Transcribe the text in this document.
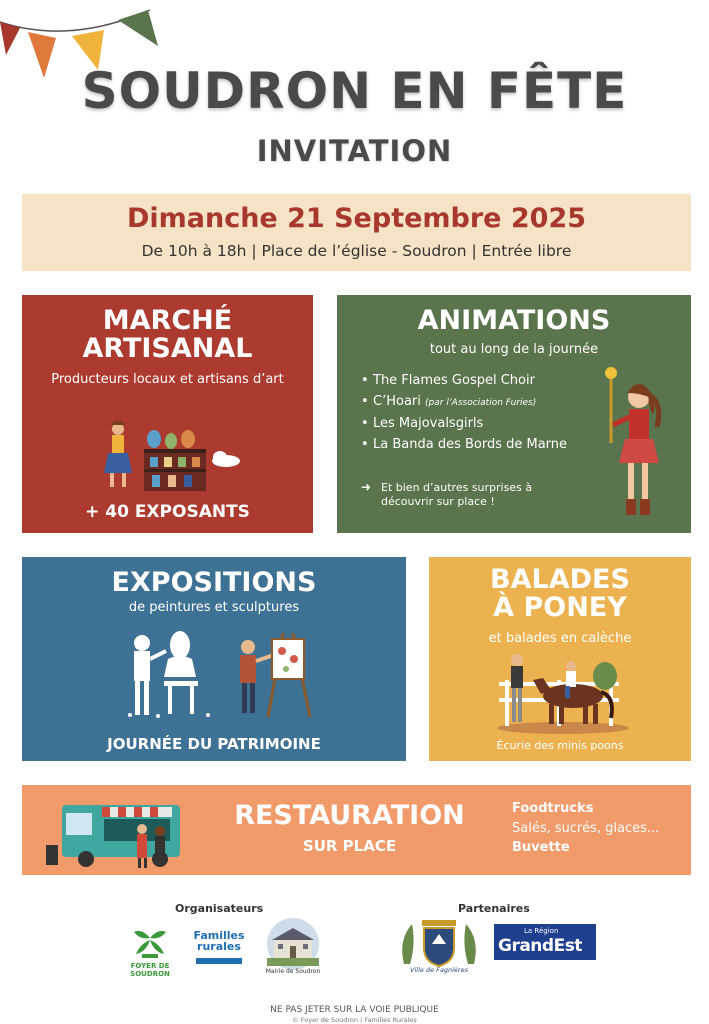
SOUDRON EN FÊTE
INVITATION
Dimanche 21 Septembre 2025
De 10h à 18h | Place de l’église - Soudron | Entrée libre
MARCHÉ
ARTISANAL
Producteurs locaux et artisans d’art
+ 40 EXPOSANTS
ANIMATIONS
tout au long de la journée
• The Flames Gospel Choir
• C’Hoari (par l’Association Furies)
• Les Majovalsgirls
• La Banda des Bords de Marne
➜ Et bien d’autres surprises à découvrir sur place !
EXPOSITIONS
de peintures et sculptures
JOURNÉE DU PATRIMOINE
BALADES
À PONEY
et balades en calèche
Écurie des minis poons
RESTAURATION
SUR PLACE
Foodtrucks
Salés, sucrés, glaces...
Buvette
Organisateurs	Partenaires
FOYER DE SOUDRON
Familles rurales
Mairie de Soudron	Ville de Fagnières
La Région
GrandEst
NE PAS JETER SUR LA VOIE PUBLIQUE
© Foyer de Soudron | Familles Rurales
